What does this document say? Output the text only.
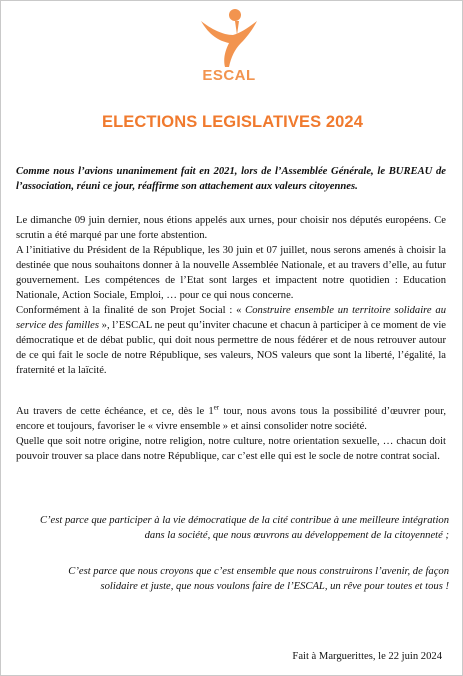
ESCAL
ELECTIONS LEGISLATIVES 2024
Comme nous l’avions unanimement fait en 2021, lors de l’Assemblée Générale, le BUREAU de l’association, réuni ce jour, réaffirme son attachement aux valeurs citoyennes.

Le dimanche 09 juin dernier, nous étions appelés aux urnes, pour choisir nos députés européens. Ce scrutin a été marqué par une forte abstention.

A l’initiative du Président de la République, les 30 juin et 07 juillet, nous serons amenés à choisir la destinée que nous souhaitons donner à la nouvelle Assemblée Nationale, et au travers d’elle, au futur gouvernement. Les compétences de l’Etat sont larges et impactent notre quotidien : Education Nationale, Action Sociale, Emploi, … pour ce qui nous concerne.

Conformément à la finalité de son Projet Social : « Construire ensemble un territoire solidaire au service des familles », l’ESCAL ne peut qu’inviter chacune et chacun à participer à ce moment de vie démocratique et de débat public, qui doit nous permettre de nous fédérer et de nous retrouver autour de ce qui fait le socle de notre République, ses valeurs, NOS valeurs que sont la liberté, l’égalité, la fraternité et la laïcité.

Au travers de cette échéance, et ce, dès le 1er tour, nous avons tous la possibilité d’œuvrer pour, encore et toujours, favoriser le « vivre ensemble » et ainsi consolider notre société.

Quelle que soit notre origine, notre religion, notre culture, notre orientation sexuelle, … chacun doit pouvoir trouver sa place dans notre République, car c’est elle qui est le socle de notre contrat social.

C’est parce que participer à la vie démocratique de la cité contribue à une meilleure intégration dans la société, que nous œuvrons au développement de la citoyenneté ;

C’est parce que nous croyons que c’est ensemble que nous construirons l’avenir, de façon solidaire et juste, que nous voulons faire de l’ESCAL, un rêve pour toutes et tous !

Fait à Marguerittes, le 22 juin 2024
